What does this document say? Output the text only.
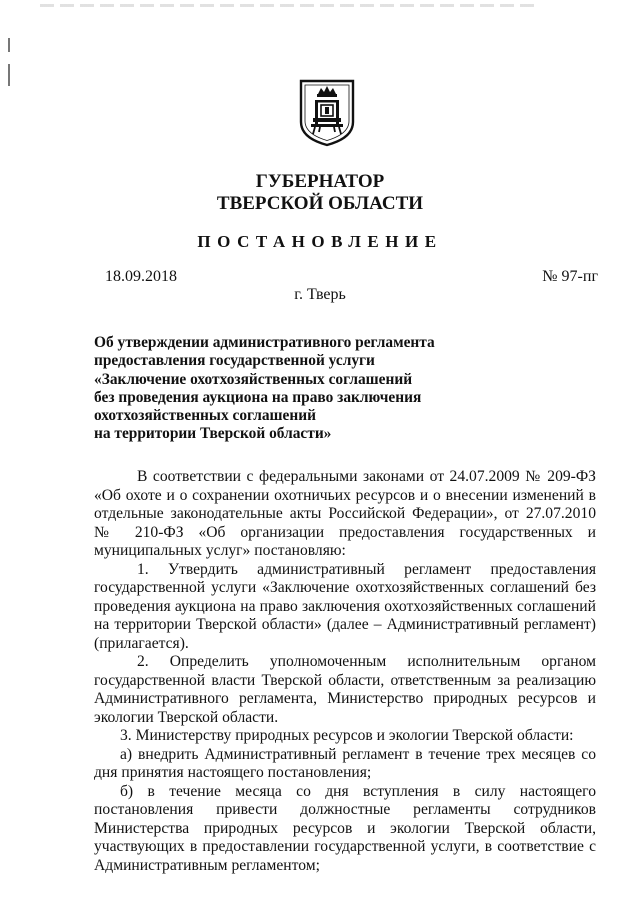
ГУБЕРНАТОР
ТВЕРСКОЙ ОБЛАСТИ
ПОСТАНОВЛЕНИЕ
18.09.2018	№ 97-пг
г. Тверь
Об утверждении административного регламента
предоставления государственной услуги
«Заключение охотхозяйственных соглашений
без проведения аукциона на право заключения
охотхозяйственных соглашений
на территории Тверской области»
В соответствии с федеральными законами от 24.07.2009 № 209-ФЗ «Об охоте и о сохранении охотничьих ресурсов и о внесении изменений в отдельные законодательные акты Российской Федерации», от 27.07.2010 № 210-ФЗ «Об организации предоставления государственных и муниципальных услуг» постановляю:
1. Утвердить административный регламент предоставления государственной услуги «Заключение охотхозяйственных соглашений без проведения аукциона на право заключения охотхозяйственных соглашений на территории Тверской области» (далее – Административный регламент) (прилагается).
2. Определить уполномоченным исполнительным органом государственной власти Тверской области, ответственным за реализацию Административного регламента, Министерство природных ресурсов и экологии Тверской области.
3. Министерству природных ресурсов и экологии Тверской области:
а) внедрить Административный регламент в течение трех месяцев со дня принятия настоящего постановления;
б) в течение месяца со дня вступления в силу настоящего постановления привести должностные регламенты сотрудников Министерства природных ресурсов и экологии Тверской области, участвующих в предоставлении государственной услуги, в соответствие с Административным регламентом;
